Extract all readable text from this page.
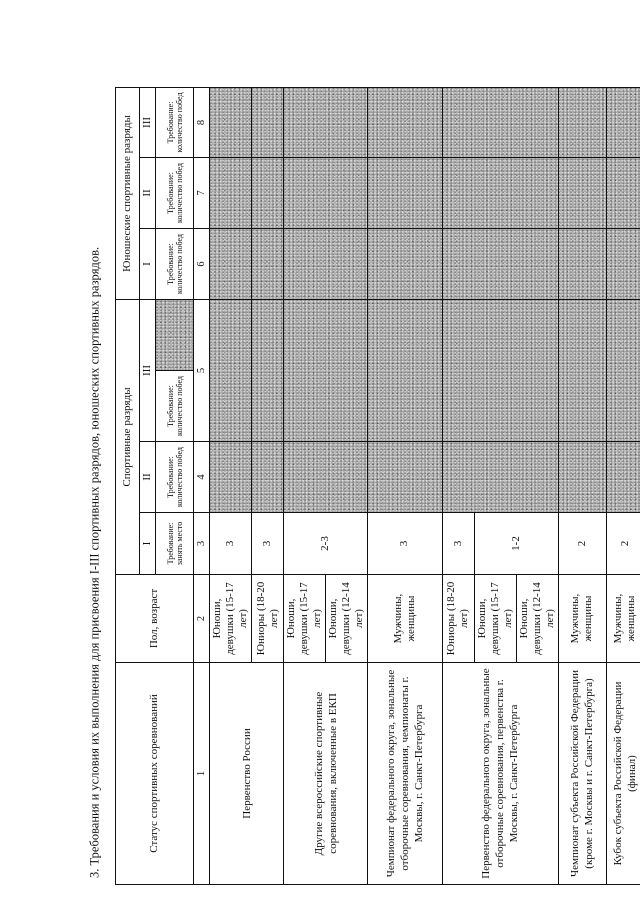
3. Требования и условия их выполнения для присвоения I-III спортивных разрядов, юношеских спортивных разрядов.	Статус спортивных соревнований	Пол, возраст	Спортивные разряды				Юношеские спортивные разряды		
		I	II	III		I	II	III
		Требование: занять место	Требование: количество побед	Требование: количество побед		Требование: количество побед	Требование: количество побед	Требование: количество побед
1	2	3	4	5		6	7	8
Первенство России	Юноши, девушки (15-17 лет)	3						
	Юниоры (18-20 лет)	3						
Другие всероссийские спортивные соревнования, включенные в ЕКП	Юноши, девушки (15-17 лет)	2-3						
	Юноши, девушки (12-14 лет)							
Чемпионат федерального округа, зональные отборочные соревнования, чемпионаты г. Москвы, г. Санкт-Петербурга	Мужчины, женщины	3						
Первенство федерального округа, зональные отборочные соревнования, первенства г. Москвы, г. Санкт-Петербурга	Юниоры (18-20 лет)	3						
	Юноши, девушки (15-17 лет)	1-2						
	Юноши, девушки (12-14 лет)							
Чемпионат субъекта Российской Федерации (кроме г. Москвы и г. Санкт-Петербурга)	Мужчины, женщины	2						
Кубок субъекта Российской Федерации (финал)	Мужчины, женщины	2						
